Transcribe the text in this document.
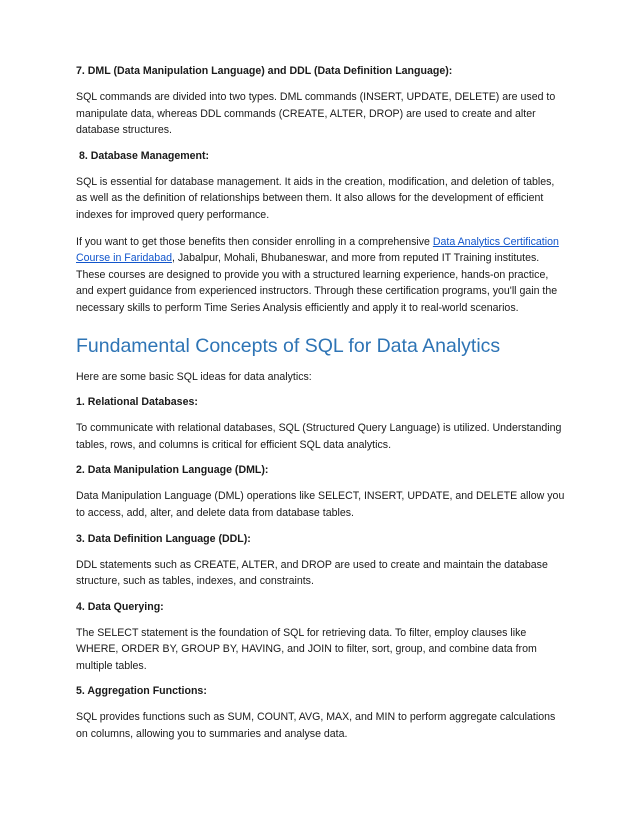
7. DML (Data Manipulation Language) and DDL (Data Definition Language):

SQL commands are divided into two types. DML commands (INSERT, UPDATE, DELETE) are used to manipulate data, whereas DDL commands (CREATE, ALTER, DROP) are used to create and alter database structures.

8. Database Management:

SQL is essential for database management. It aids in the creation, modification, and deletion of tables, as well as the definition of relationships between them. It also allows for the development of efficient indexes for improved query performance.

If you want to get those benefits then consider enrolling in a comprehensive Data Analytics Certification Course in Faridabad, Jabalpur, Mohali, Bhubaneswar, and more from reputed IT Training institutes. These courses are designed to provide you with a structured learning experience, hands-on practice, and expert guidance from experienced instructors. Through these certification programs, you'll gain the necessary skills to perform Time Series Analysis efficiently and apply it to real-world scenarios.

Fundamental Concepts of SQL for Data Analytics

Here are some basic SQL ideas for data analytics:

1. Relational Databases:

To communicate with relational databases, SQL (Structured Query Language) is utilized. Understanding tables, rows, and columns is critical for efficient SQL data analytics.

2. Data Manipulation Language (DML):

Data Manipulation Language (DML) operations like SELECT, INSERT, UPDATE, and DELETE allow you to access, add, alter, and delete data from database tables.

3. Data Definition Language (DDL):

DDL statements such as CREATE, ALTER, and DROP are used to create and maintain the database structure, such as tables, indexes, and constraints.

4. Data Querying:

The SELECT statement is the foundation of SQL for retrieving data. To filter, employ clauses like WHERE, ORDER BY, GROUP BY, HAVING, and JOIN to filter, sort, group, and combine data from multiple tables.

5. Aggregation Functions:

SQL provides functions such as SUM, COUNT, AVG, MAX, and MIN to perform aggregate calculations on columns, allowing you to summaries and analyse data.
